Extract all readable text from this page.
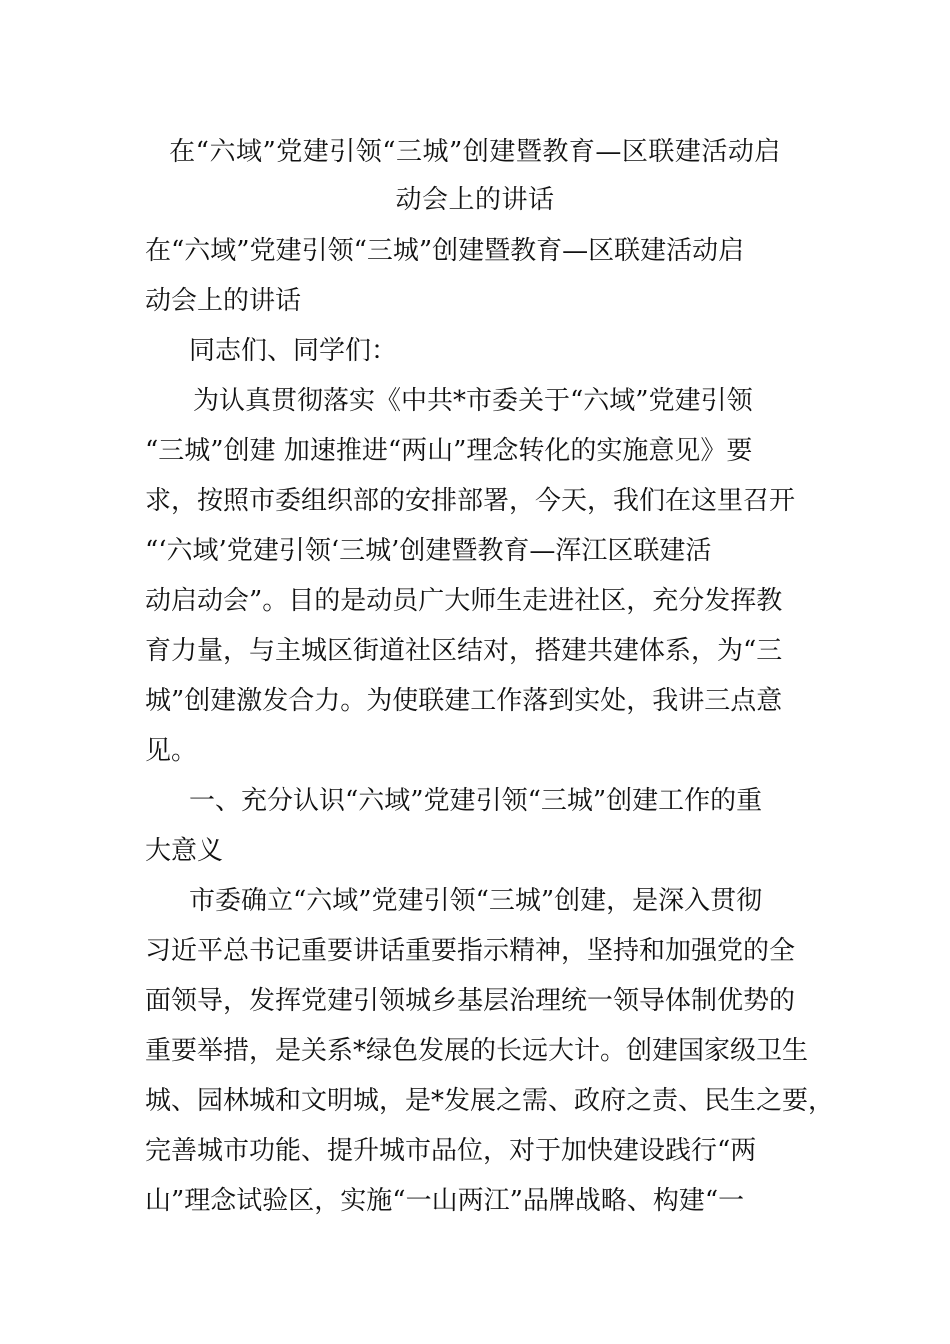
在“六域”党建引领“三城”创建暨教育—区联建活动启
动会上的讲话

在“六域”党建引领“三城”创建暨教育—区联建活动启
动会上的讲话

同志们、同学们：

为认真贯彻落实《中共*市委关于“六域”党建引领
“三城”创建 加速推进“两山”理念转化的实施意见》要
求，按照市委组织部的安排部署，今天，我们在这里召开
“‘六域’党建引领‘三城’创建暨教育—浑江区联建活
动启动会”。目的是动员广大师生走进社区，充分发挥教
育力量，与主城区街道社区结对，搭建共建体系，为“三
城”创建激发合力。为使联建工作落到实处，我讲三点意
见。

一、充分认识“六域”党建引领“三城”创建工作的重
大意义

市委确立“六域”党建引领“三城”创建，是深入贯彻
习近平总书记重要讲话重要指示精神，坚持和加强党的全
面领导，发挥党建引领城乡基层治理统一领导体制优势的
重要举措，是关系*绿色发展的长远大计。创建国家级卫生
城、园林城和文明城，是*发展之需、政府之责、民生之要，
完善城市功能、提升城市品位，对于加快建设践行“两
山”理念试验区，实施“一山两江”品牌战略、构建“一
